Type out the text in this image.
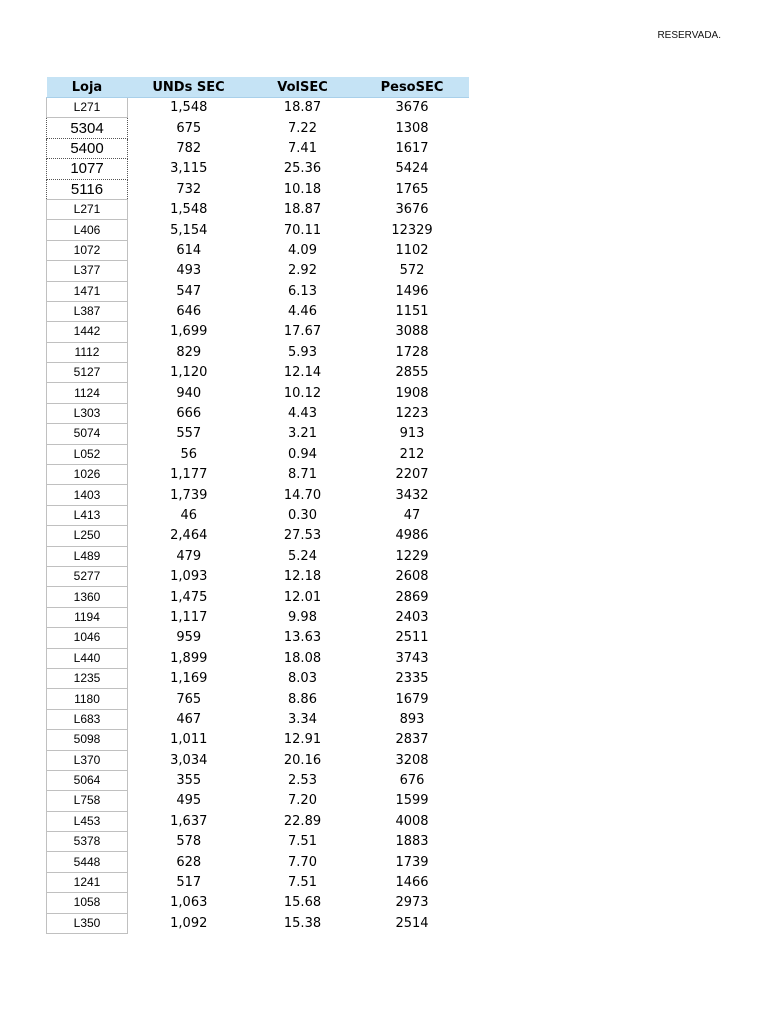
RESERVADA.
Loja	UNDs SEC	VolSEC	PesoSEC
L271	1,548	18.87	3676
5304	675	7.22	1308
5400	782	7.41	1617
1077	3,115	25.36	5424
5116	732	10.18	1765
L271	1,548	18.87	3676
L406	5,154	70.11	12329
1072	614	4.09	1102
L377	493	2.92	572
1471	547	6.13	1496
L387	646	4.46	1151
1442	1,699	17.67	3088
1112	829	5.93	1728
5127	1,120	12.14	2855
1124	940	10.12	1908
L303	666	4.43	1223
5074	557	3.21	913
L052	56	0.94	212
1026	1,177	8.71	2207
1403	1,739	14.70	3432
L413	46	0.30	47
L250	2,464	27.53	4986
L489	479	5.24	1229
5277	1,093	12.18	2608
1360	1,475	12.01	2869
1194	1,117	9.98	2403
1046	959	13.63	2511
L440	1,899	18.08	3743
1235	1,169	8.03	2335
1180	765	8.86	1679
L683	467	3.34	893
5098	1,011	12.91	2837
L370	3,034	20.16	3208
5064	355	2.53	676
L758	495	7.20	1599
L453	1,637	22.89	4008
5378	578	7.51	1883
5448	628	7.70	1739
1241	517	7.51	1466
1058	1,063	15.68	2973
L350	1,092	15.38	2514
